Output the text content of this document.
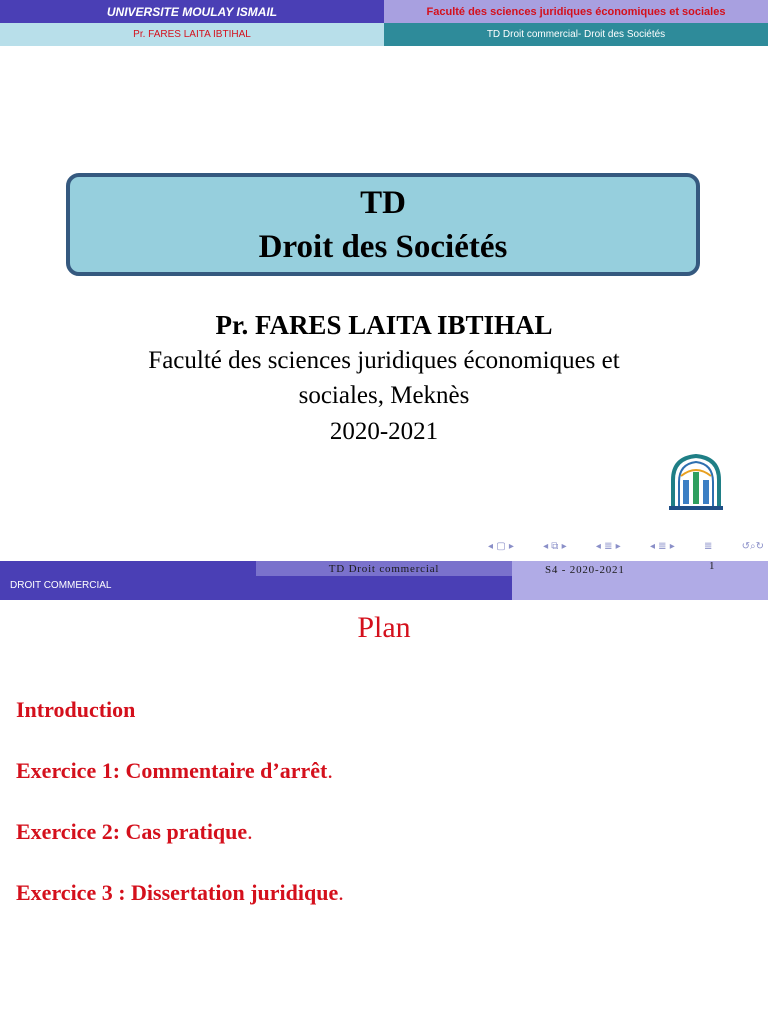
UNIVERSITE MOULAY ISMAIL	Faculté des sciences juridiques économiques et sociales
Pr. FARES LAITA IBTIHAL	TD Droit commercial- Droit des Sociétés
TD
Droit des Sociétés
Pr. FARES LAITA IBTIHAL
Faculté des sciences juridiques économiques et
sociales, Meknès
2020-2021
◂ ▢ ▸	◂ ⧉ ▸	◂ ≣ ▸	◂ ≣ ▸	≣	↺⌕↻
TD Droit commercial	S4 - 2020-2021	1
DROIT COMMERCIAL
Plan
Introduction
Exercice 1: Commentaire d’arrêt.
Exercice 2: Cas pratique.
Exercice 3 : Dissertation juridique.
